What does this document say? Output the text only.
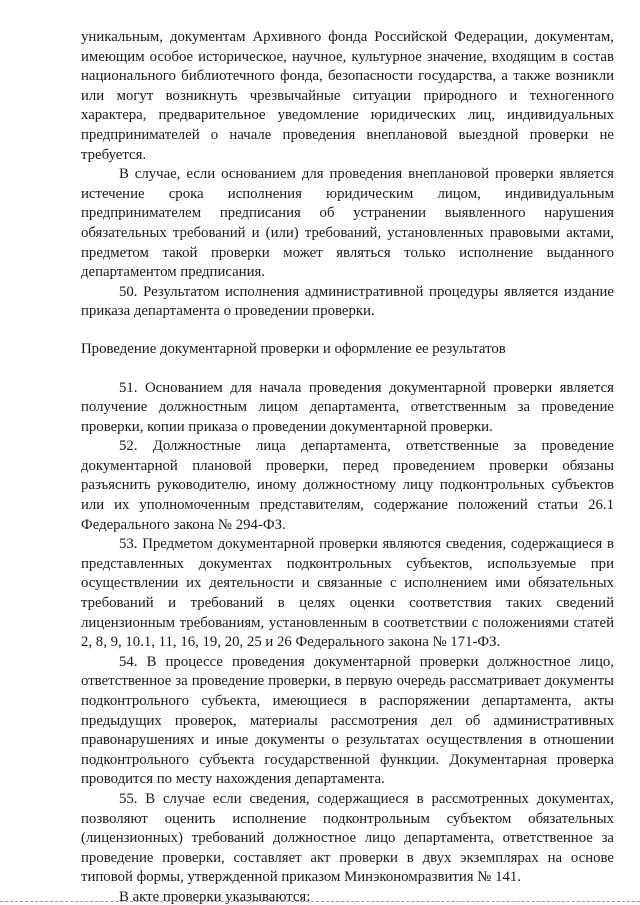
уникальным, документам Архивного фонда Российской Федерации, документам, имеющим особое историческое, научное, культурное значение, входящим в состав национального библиотечного фонда, безопасности государства, а также возникли или могут возникнуть чрезвычайные ситуации природного и техногенного характера, предварительное уведомление юридических лиц, индивидуальных предпринимателей о начале проведения внеплановой выездной проверки не требуется.

В случае, если основанием для проведения внеплановой проверки является истечение срока исполнения юридическим лицом, индивидуальным предпринимателем предписания об устранении выявленного нарушения обязательных требований и (или) требований, установленных правовыми актами, предметом такой проверки может являться только исполнение выданного департаментом предписания.

50. Результатом исполнения административной процедуры является издание приказа департамента о проведении проверки.

Проведение документарной проверки и оформление ее результатов

51. Основанием для начала проведения документарной проверки является получение должностным лицом департамента, ответственным за проведение проверки, копии приказа о проведении документарной проверки.

52. Должностные лица департамента, ответственные за проведение документарной плановой проверки, перед проведением проверки обязаны разъяснить руководителю, иному должностному лицу подконтрольных субъектов или их уполномоченным представителям, содержание положений статьи 26.1 Федерального закона № 294-ФЗ.

53. Предметом документарной проверки являются сведения, содержащиеся в представленных документах подконтрольных субъектов, используемые при осуществлении их деятельности и связанные с исполнением ими обязательных требований и требований в целях оценки соответствия таких сведений лицензионным требованиям, установленным в соответствии с положениями статей 2, 8, 9, 10.1, 11, 16, 19, 20, 25 и 26 Федерального закона № 171-ФЗ.

54. В процессе проведения документарной проверки должностное лицо, ответственное за проведение проверки, в первую очередь рассматривает документы подконтрольного субъекта, имеющиеся в распоряжении департамента, акты предыдущих проверок, материалы рассмотрения дел об административных правонарушениях и иные документы о результатах осуществления в отношении подконтрольного субъекта государственной функции. Документарная проверка проводится по месту нахождения департамента.

55. В случае если сведения, содержащиеся в рассмотренных документах, позволяют оценить исполнение подконтрольным субъектом обязательных (лицензионных) требований должностное лицо департамента, ответственное за проведение проверки, составляет акт проверки в двух экземплярах на основе типовой формы, утвержденной приказом Минэкономразвития № 141.

В акте проверки указываются:
